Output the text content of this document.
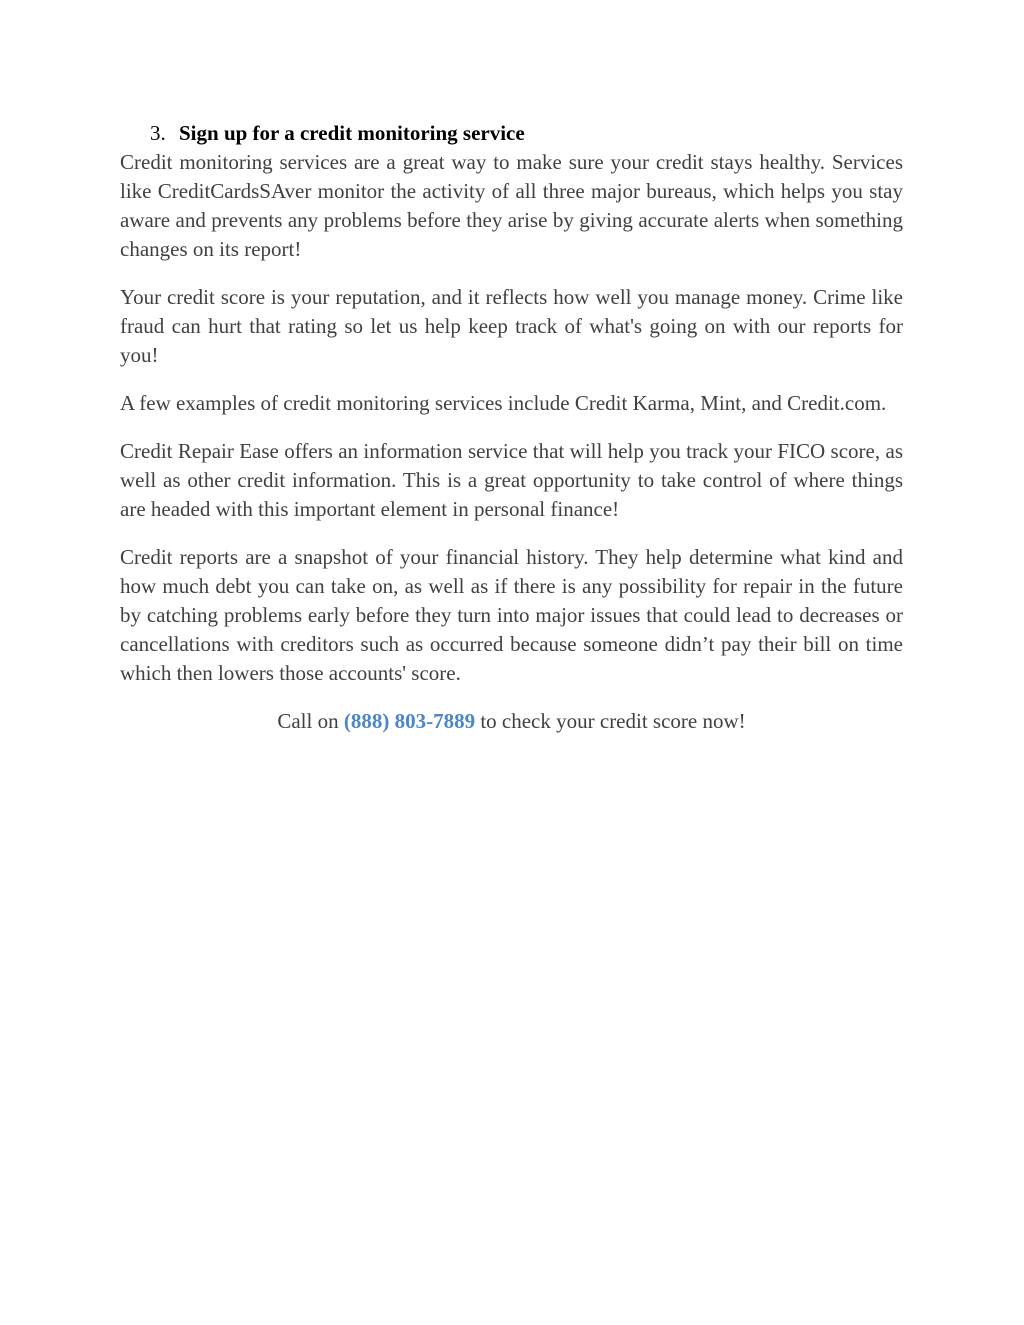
3. Sign up for a credit monitoring service

Credit monitoring services are a great way to make sure your credit stays healthy. Services like CreditCardsSAver monitor the activity of all three major bureaus, which helps you stay aware and prevents any problems before they arise by giving accurate alerts when something changes on its report!

Your credit score is your reputation, and it reflects how well you manage money. Crime like fraud can hurt that rating so let us help keep track of what's going on with our reports for you!

A few examples of credit monitoring services include Credit Karma, Mint, and Credit.com.

Credit Repair Ease offers an information service that will help you track your FICO score, as well as other credit information. This is a great opportunity to take control of where things are headed with this important element in personal finance!

Credit reports are a snapshot of your financial history. They help determine what kind and how much debt you can take on, as well as if there is any possibility for repair in the future by catching problems early before they turn into major issues that could lead to decreases or cancellations with creditors such as occurred because someone didn’t pay their bill on time which then lowers those accounts' score.

Call on (888) 803-7889 to check your credit score now!
